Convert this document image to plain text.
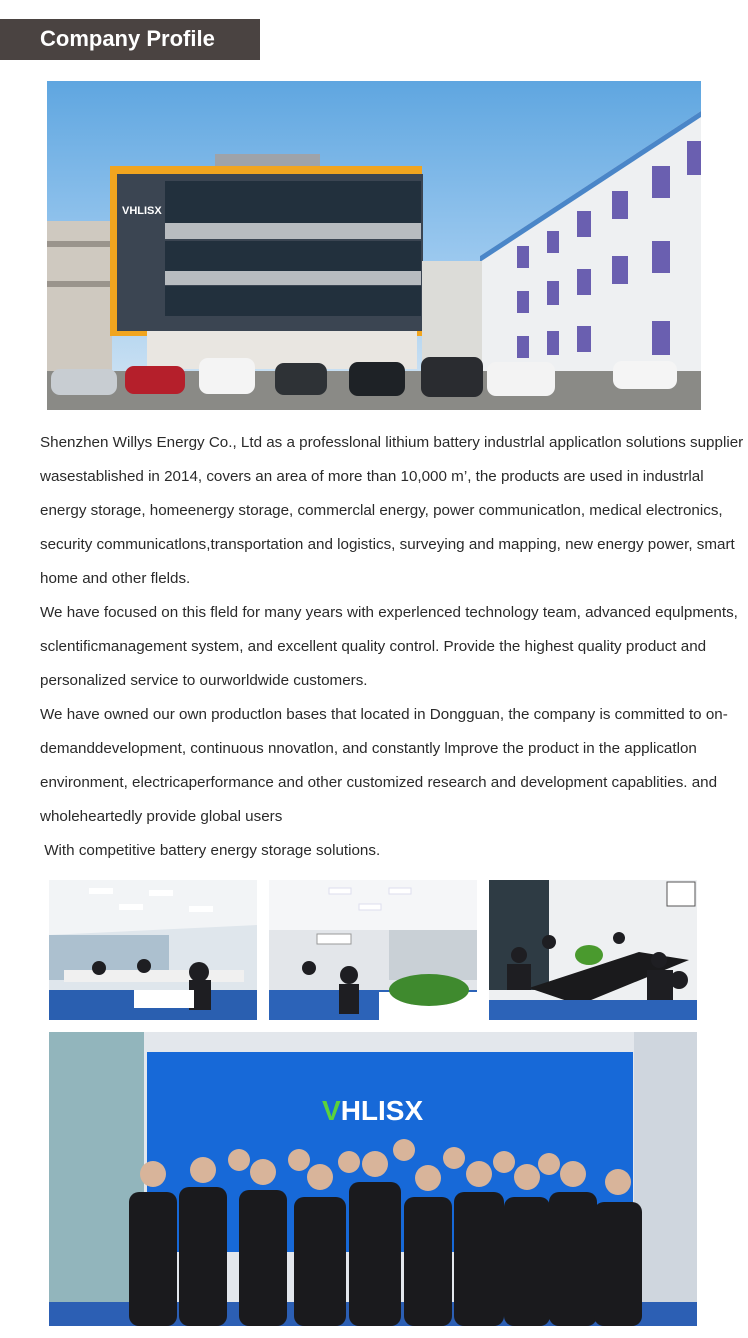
Company Profile
VHLISX

Shenzhen Willys Energy Co., Ltd as a professlonal lithium battery industrlal applicatlon solutions supplier wasestablished in 2014, covers an area of more than 10,000 m’, the products are used in industrlal energy storage, homeenergy storage, commerclal energy, power communicatlon, medical electronics, security communicatlons,transportation and logistics, surveying and mapping, new energy power, smart home and other flelds.

We have focused on this fleld for many years with experlenced technology team, advanced equlpments, sclentificmanagement system, and excellent quality control. Provide the highest quality product and personalized service to ourworldwide customers.

We have owned our own productlon bases that located in Dongguan, the company is committed to on-demanddevelopment, continuous nnovatlon, and constantly lmprove the product in the applicatlon environment, electricaperformance and other customized research and development capablities. and wholeheartedly provide global users

With competitive battery energy storage solutions.

VHLISX
